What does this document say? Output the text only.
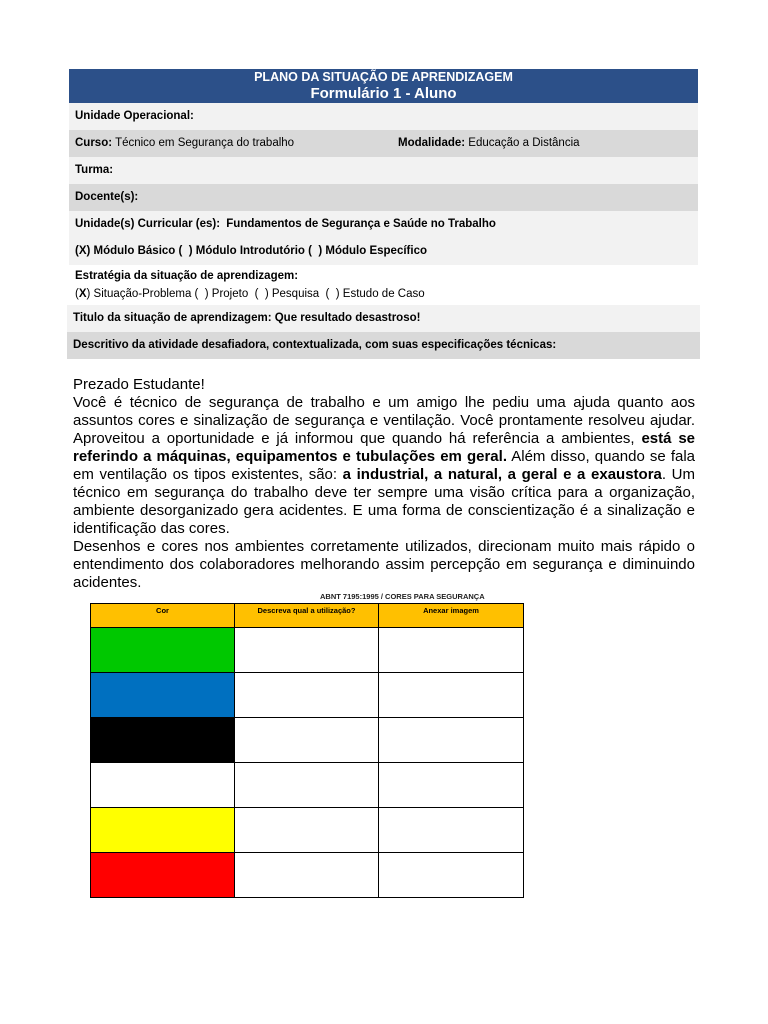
PLANO DA SITUAÇÃO DE APRENDIZAGEM
Formulário 1 - Aluno
Unidade Operacional:
Curso: Técnico em Segurança do trabalho	Modalidade: Educação a Distância
Turma:
Docente(s):
Unidade(s) Curricular (es): Fundamentos de Segurança e Saúde no Trabalho
(X) Módulo Básico (  ) Módulo Introdutório (  ) Módulo Específico
Estratégia da situação de aprendizagem:
(X) Situação-Problema (  ) Projeto  (  ) Pesquisa  (  ) Estudo de Caso
Titulo da situação de aprendizagem: Que resultado desastroso!
Descritivo da atividade desafiadora, contextualizada, com suas especificações técnicas:

Prezado Estudante!

Você é técnico de segurança de trabalho e um amigo lhe pediu uma ajuda quanto aos assuntos cores e sinalização de segurança e ventilação. Você prontamente resolveu ajudar. Aproveitou a oportunidade e já informou que quando há referência a ambientes, está se referindo a máquinas, equipamentos e tubulações em geral. Além disso, quando se fala em ventilação os tipos existentes, são: a industrial, a natural, a geral e a exaustora. Um técnico em segurança do trabalho deve ter sempre uma visão crítica para a organização, ambiente desorganizado gera acidentes. E uma forma de conscientização é a sinalização e identificação das cores.

Desenhos e cores nos ambientes corretamente utilizados, direcionam muito mais rápido o entendimento dos colaboradores melhorando assim percepção em segurança e diminuindo acidentes.

ABNT 7195:1995 / CORES PARA SEGURANÇA
Cor	Descreva qual a utilização?	Anexar imagem
